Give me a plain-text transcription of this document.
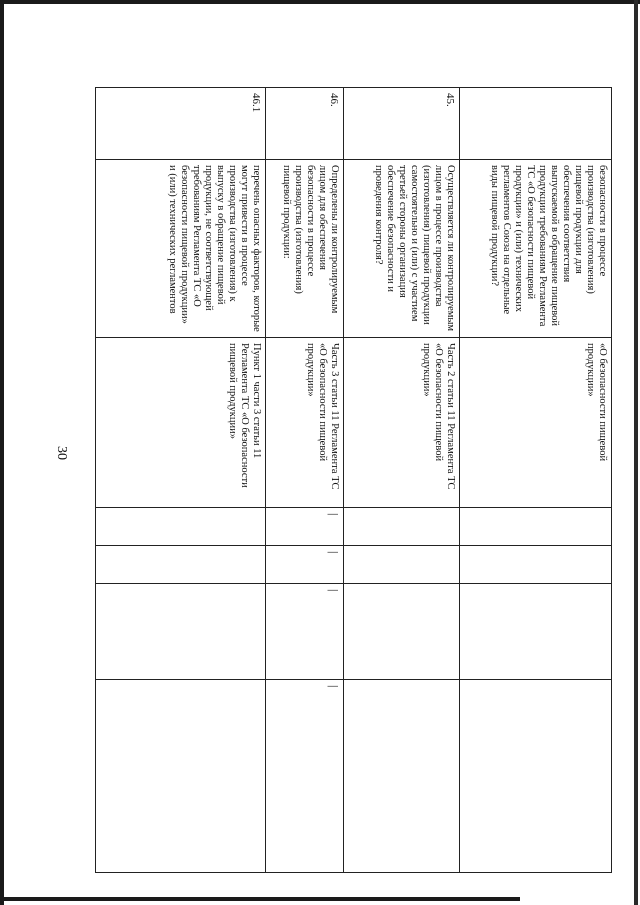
30
	безопасности в процессе производства (изготовления) пищевой продукции для обеспечения соответствия выпускаемой в обращение пищевой продукции требованиям Регламента ТС «О безопасности пищевой продукции» и (или) технических регламентов Союза на отдельные виды пищевой продукции?	«О безопасности пищевой продукции»				
45.	Осуществляется ли контролируемым лицом в процессе производства (изготовления) пищевой продукции самостоятельно и (или) с участием третьей стороны организация обеспечение безопасности и проведения контроля?	Часть 2 статьи 11 Регламента ТС «О безопасности пищевой продукции»				
46.	Определены ли контролируемым лицом для обеспечения безопасности в процессе производства (изготовления) пищевой продукции:	Часть 3 статьи 11 Регламента ТС «О безопасности пищевой продукции»	|	|	|	|
46.1	перечень опасных факторов, которые могут привести в процессе производства (изготовления) к выпуску в обращение пищевой продукции, не соответствующей требованиям Регламента ТС «О безопасности пищевой продукции» и (или) технических регламентов	Пункт 1 части 3 статьи 11 Регламента ТС «О безопасности пищевой продукции»				
